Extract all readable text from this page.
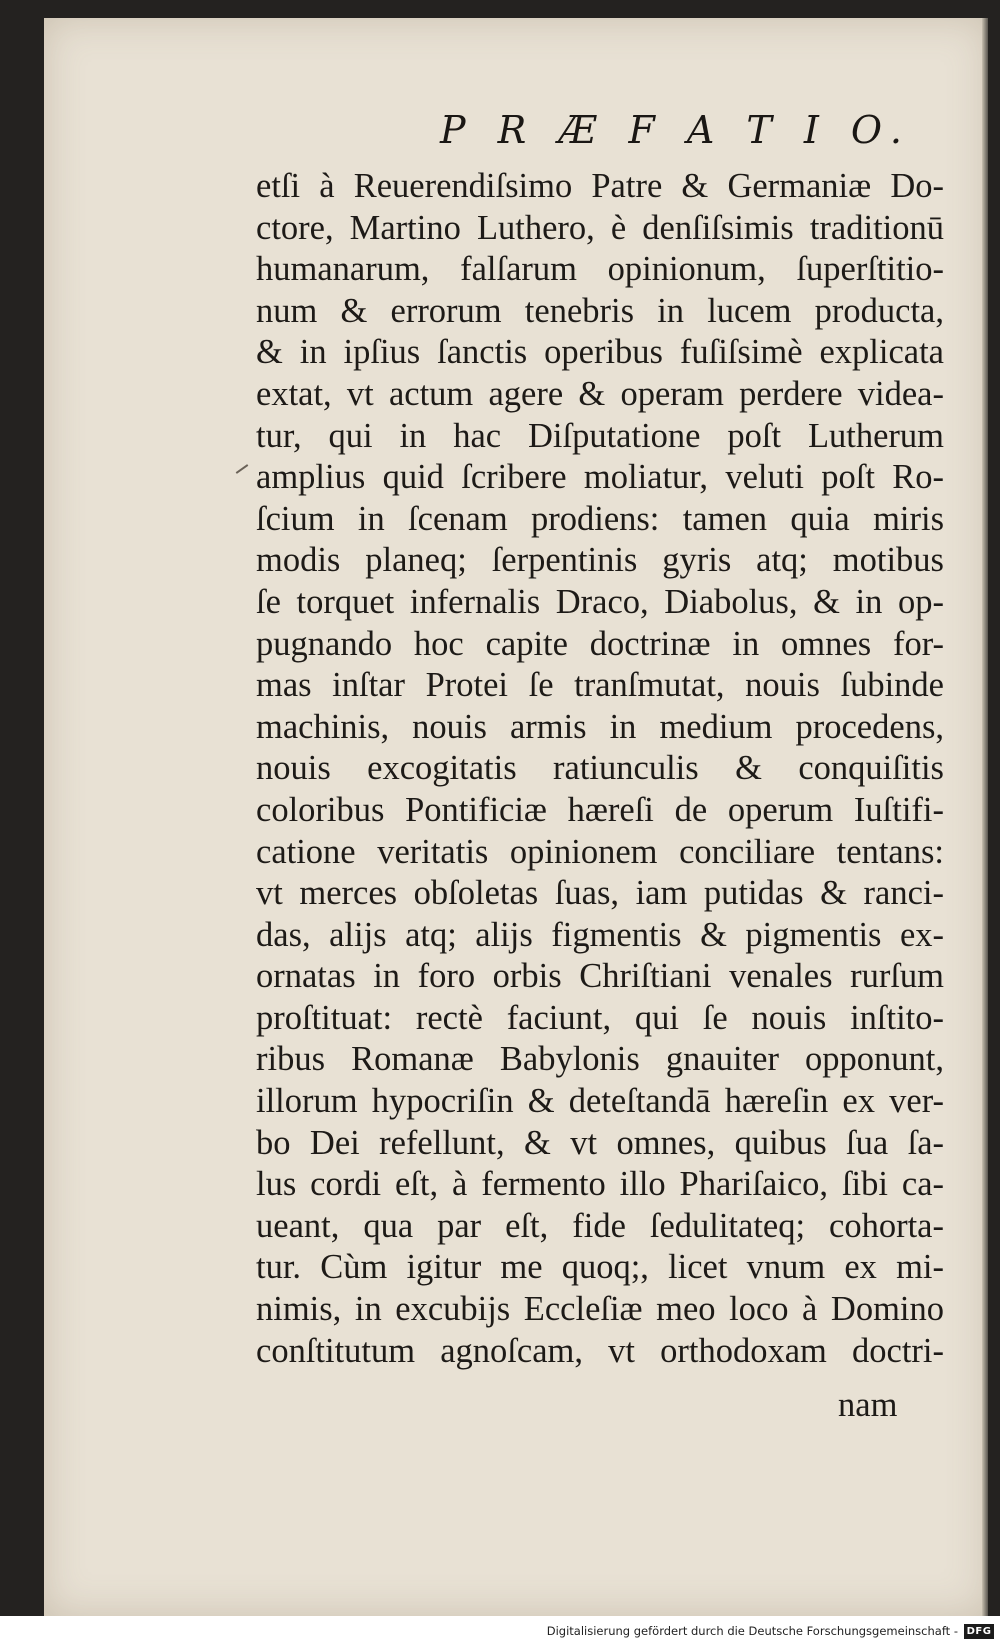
P R Æ F A T I O.
etſi à Reuerendiſsimo Patre & Germaniæ Do-
ctore, Martino Luthero, è denſiſsimis traditionū
humanarum, falſarum opinionum, ſuperſtitio-
num & errorum tenebris in lucem producta,
& in ipſius ſanctis operibus fuſiſsimè explicata
extat, vt actum agere & operam perdere videa-
tur, qui in hac Diſputatione poſt Lutherum
amplius quid ſcribere moliatur, veluti poſt Ro-
ſcium in ſcenam prodiens: tamen quia miris
modis planeq; ſerpentinis gyris atq; motibus
ſe torquet infernalis Draco, Diabolus, & in op-
pugnando hoc capite doctrinæ in omnes for-
mas inſtar Protei ſe tranſmutat, nouis ſubinde
machinis, nouis armis in medium procedens,
nouis excogitatis ratiunculis & conquiſitis
coloribus Pontificiæ hæreſi de operum Iuſtifi-
catione veritatis opinionem conciliare tentans:
vt merces obſoletas ſuas, iam putidas & ranci-
das, alijs atq; alijs figmentis & pigmentis ex-
ornatas in foro orbis Chriſtiani venales rurſum
proſtituat: rectè faciunt, qui ſe nouis inſtito-
ribus Romanæ Babylonis gnauiter opponunt,
illorum hypocriſin & deteſtandā hæreſin ex ver-
bo Dei refellunt, & vt omnes, quibus ſua ſa-
lus cordi eſt, à fermento illo Phariſaico, ſibi ca-
ueant, qua par eſt, fide ſedulitateq; cohorta-
tur. Cùm igitur me quoq;, licet vnum ex mi-
nimis, in excubijs Eccleſiæ meo loco à Domino
conſtitutum agnoſcam, vt orthodoxam doctri-
nam
Digitalisierung gefördert durch die Deutsche Forschungsgemeinschaft - DFG
